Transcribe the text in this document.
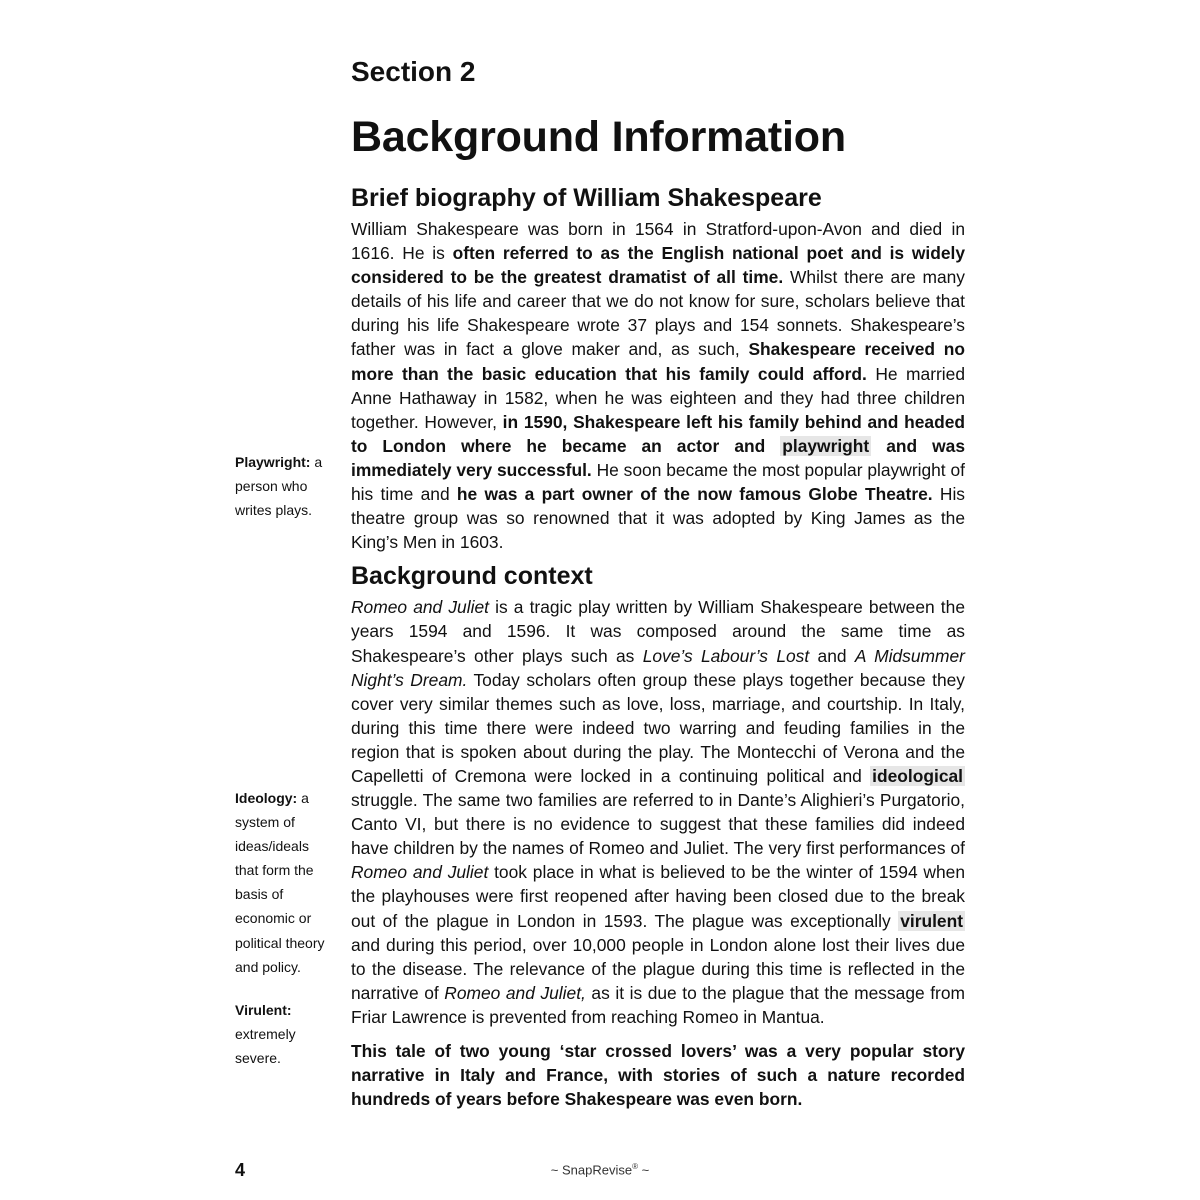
Section 2
Background Information
Brief biography of William Shakespeare

William Shakespeare was born in 1564 in Stratford-upon-Avon and died in 1616. He is often referred to as the English national poet and is widely considered to be the greatest dramatist of all time. Whilst there are many details of his life and career that we do not know for sure, scholars believe that during his life Shakespeare wrote 37 plays and 154 sonnets. Shakespeare’s father was in fact a glove maker and, as such, Shakespeare received no more than the basic education that his family could afford. He married Anne Hathaway in 1582, when he was eighteen and they had three children together. However, in 1590, Shakespeare left his family behind and headed to London where he became an actor and playwright and was immediately very successful. He soon became the most popular playwright of his time and he was a part owner of the now famous Globe Theatre. His theatre group was so renowned that it was adopted by King James as the King’s Men in 1603.

Background context

Romeo and Juliet is a tragic play written by William Shakespeare between the years 1594 and 1596. It was composed around the same time as Shakespeare’s other plays such as Love’s Labour’s Lost and A Midsummer Night’s Dream. Today scholars often group these plays together because they cover very similar themes such as love, loss, marriage, and courtship. In Italy, during this time there were indeed two warring and feuding families in the region that is spoken about during the play. The Montecchi of Verona and the Capelletti of Cremona were locked in a continuing political and ideological struggle. The same two families are referred to in Dante’s Alighieri’s Purgatorio, Canto VI, but there is no evidence to suggest that these families did indeed have children by the names of Romeo and Juliet. The very first performances of Romeo and Juliet took place in what is believed to be the winter of 1594 when the playhouses were first reopened after having been closed due to the break out of the plague in London in 1593. The plague was exceptionally virulent and during this period, over 10,000 people in London alone lost their lives due to the disease. The relevance of the plague during this time is reflected in the narrative of Romeo and Juliet, as it is due to the plague that the message from Friar Lawrence is prevented from reaching Romeo in Mantua.

This tale of two young ‘star crossed lovers’ was a very popular story narrative in Italy and France, with stories of such a nature recorded hundreds of years before Shakespeare was even born.

Playwright: a person who writes plays.
Ideology: a system of ideas/ideals that form the basis of economic or political theory and policy.
Virulent: extremely severe.
4	~ SnapRevise® ~
